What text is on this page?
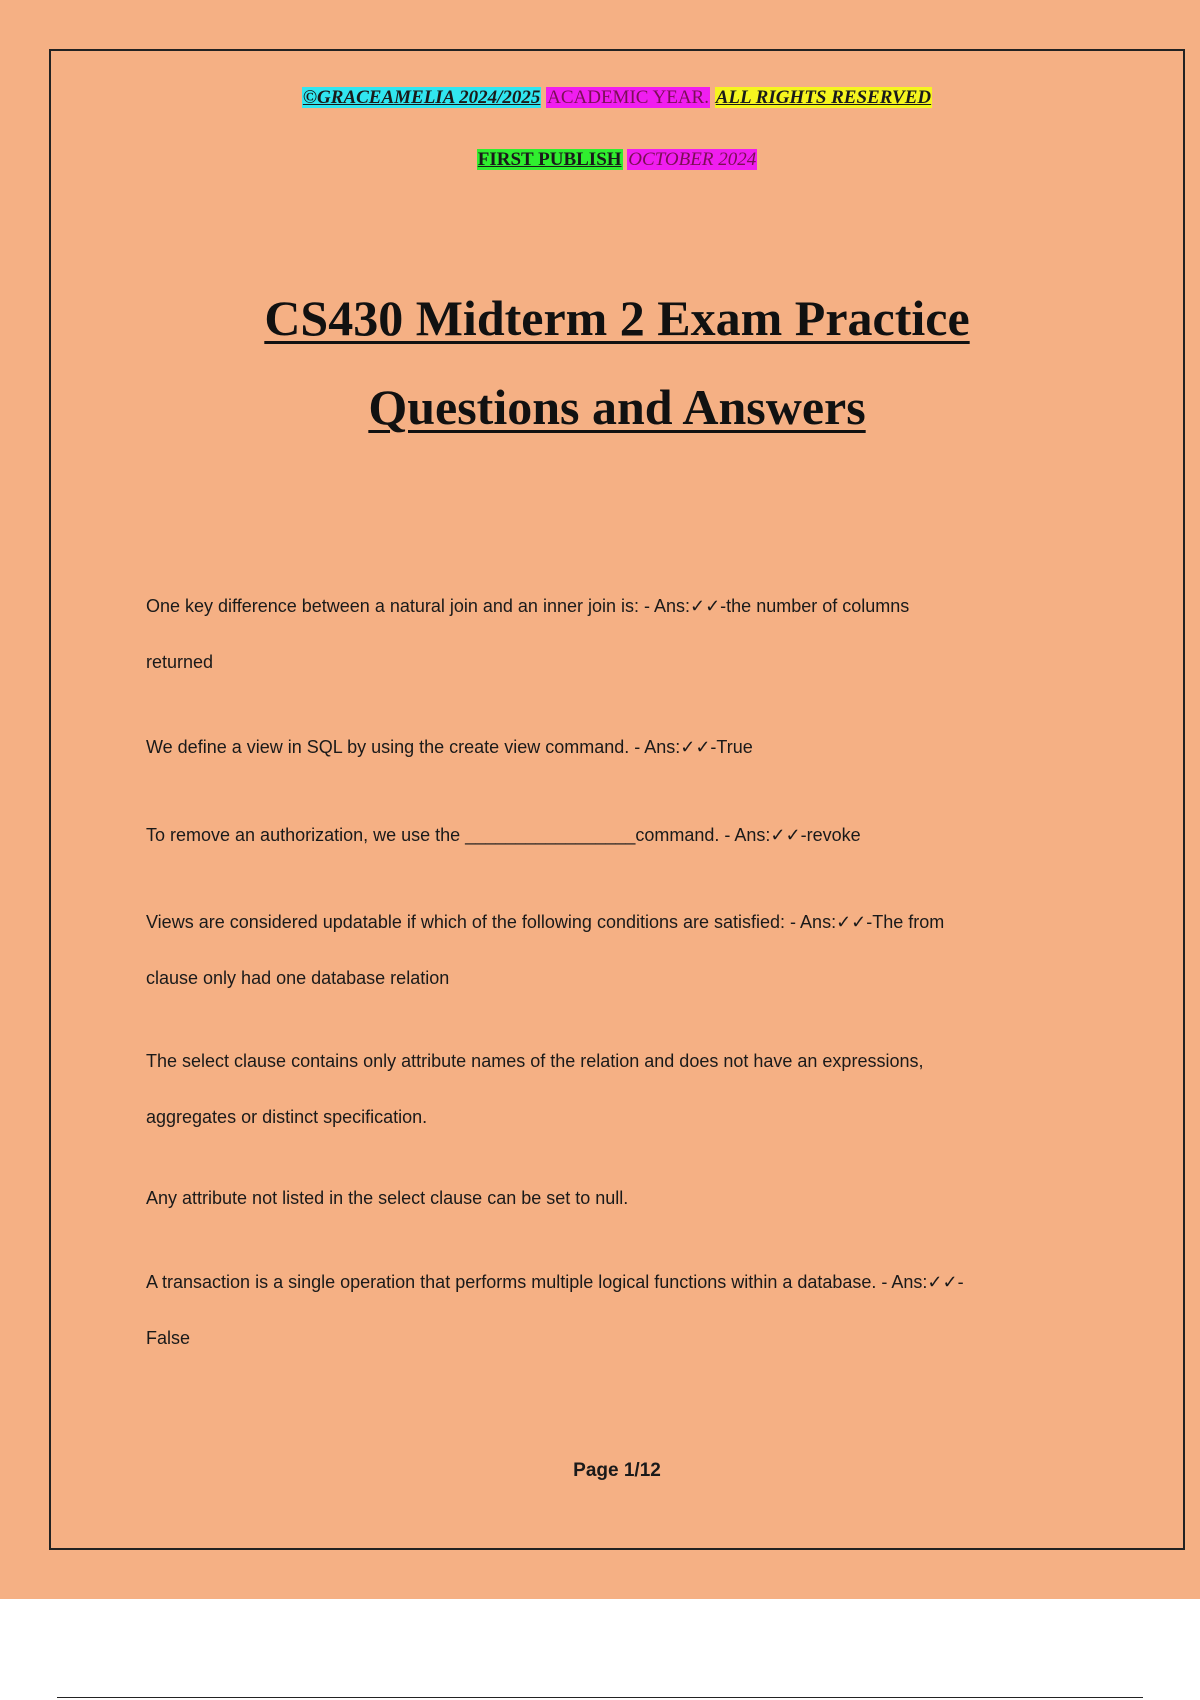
©GRACEAMELIA 2024/2025 ACADEMIC YEAR. ALL RIGHTS RESERVED
FIRST PUBLISH OCTOBER 2024
CS430 Midterm 2 Exam Practice
Questions and Answers

One key difference between a natural join and an inner join is: - Ans:✓✓-the number of columns

returned

We define a view in SQL by using the create view command. - Ans:✓✓-True

To remove an authorization, we use the _________________command. - Ans:✓✓-revoke

Views are considered updatable if which of the following conditions are satisfied: - Ans:✓✓-The from

clause only had one database relation

The select clause contains only attribute names of the relation and does not have an expressions,

aggregates or distinct specification.

Any attribute not listed in the select clause can be set to null.

A transaction is a single operation that performs multiple logical functions within a database. - Ans:✓✓-

False

Page 1/12
